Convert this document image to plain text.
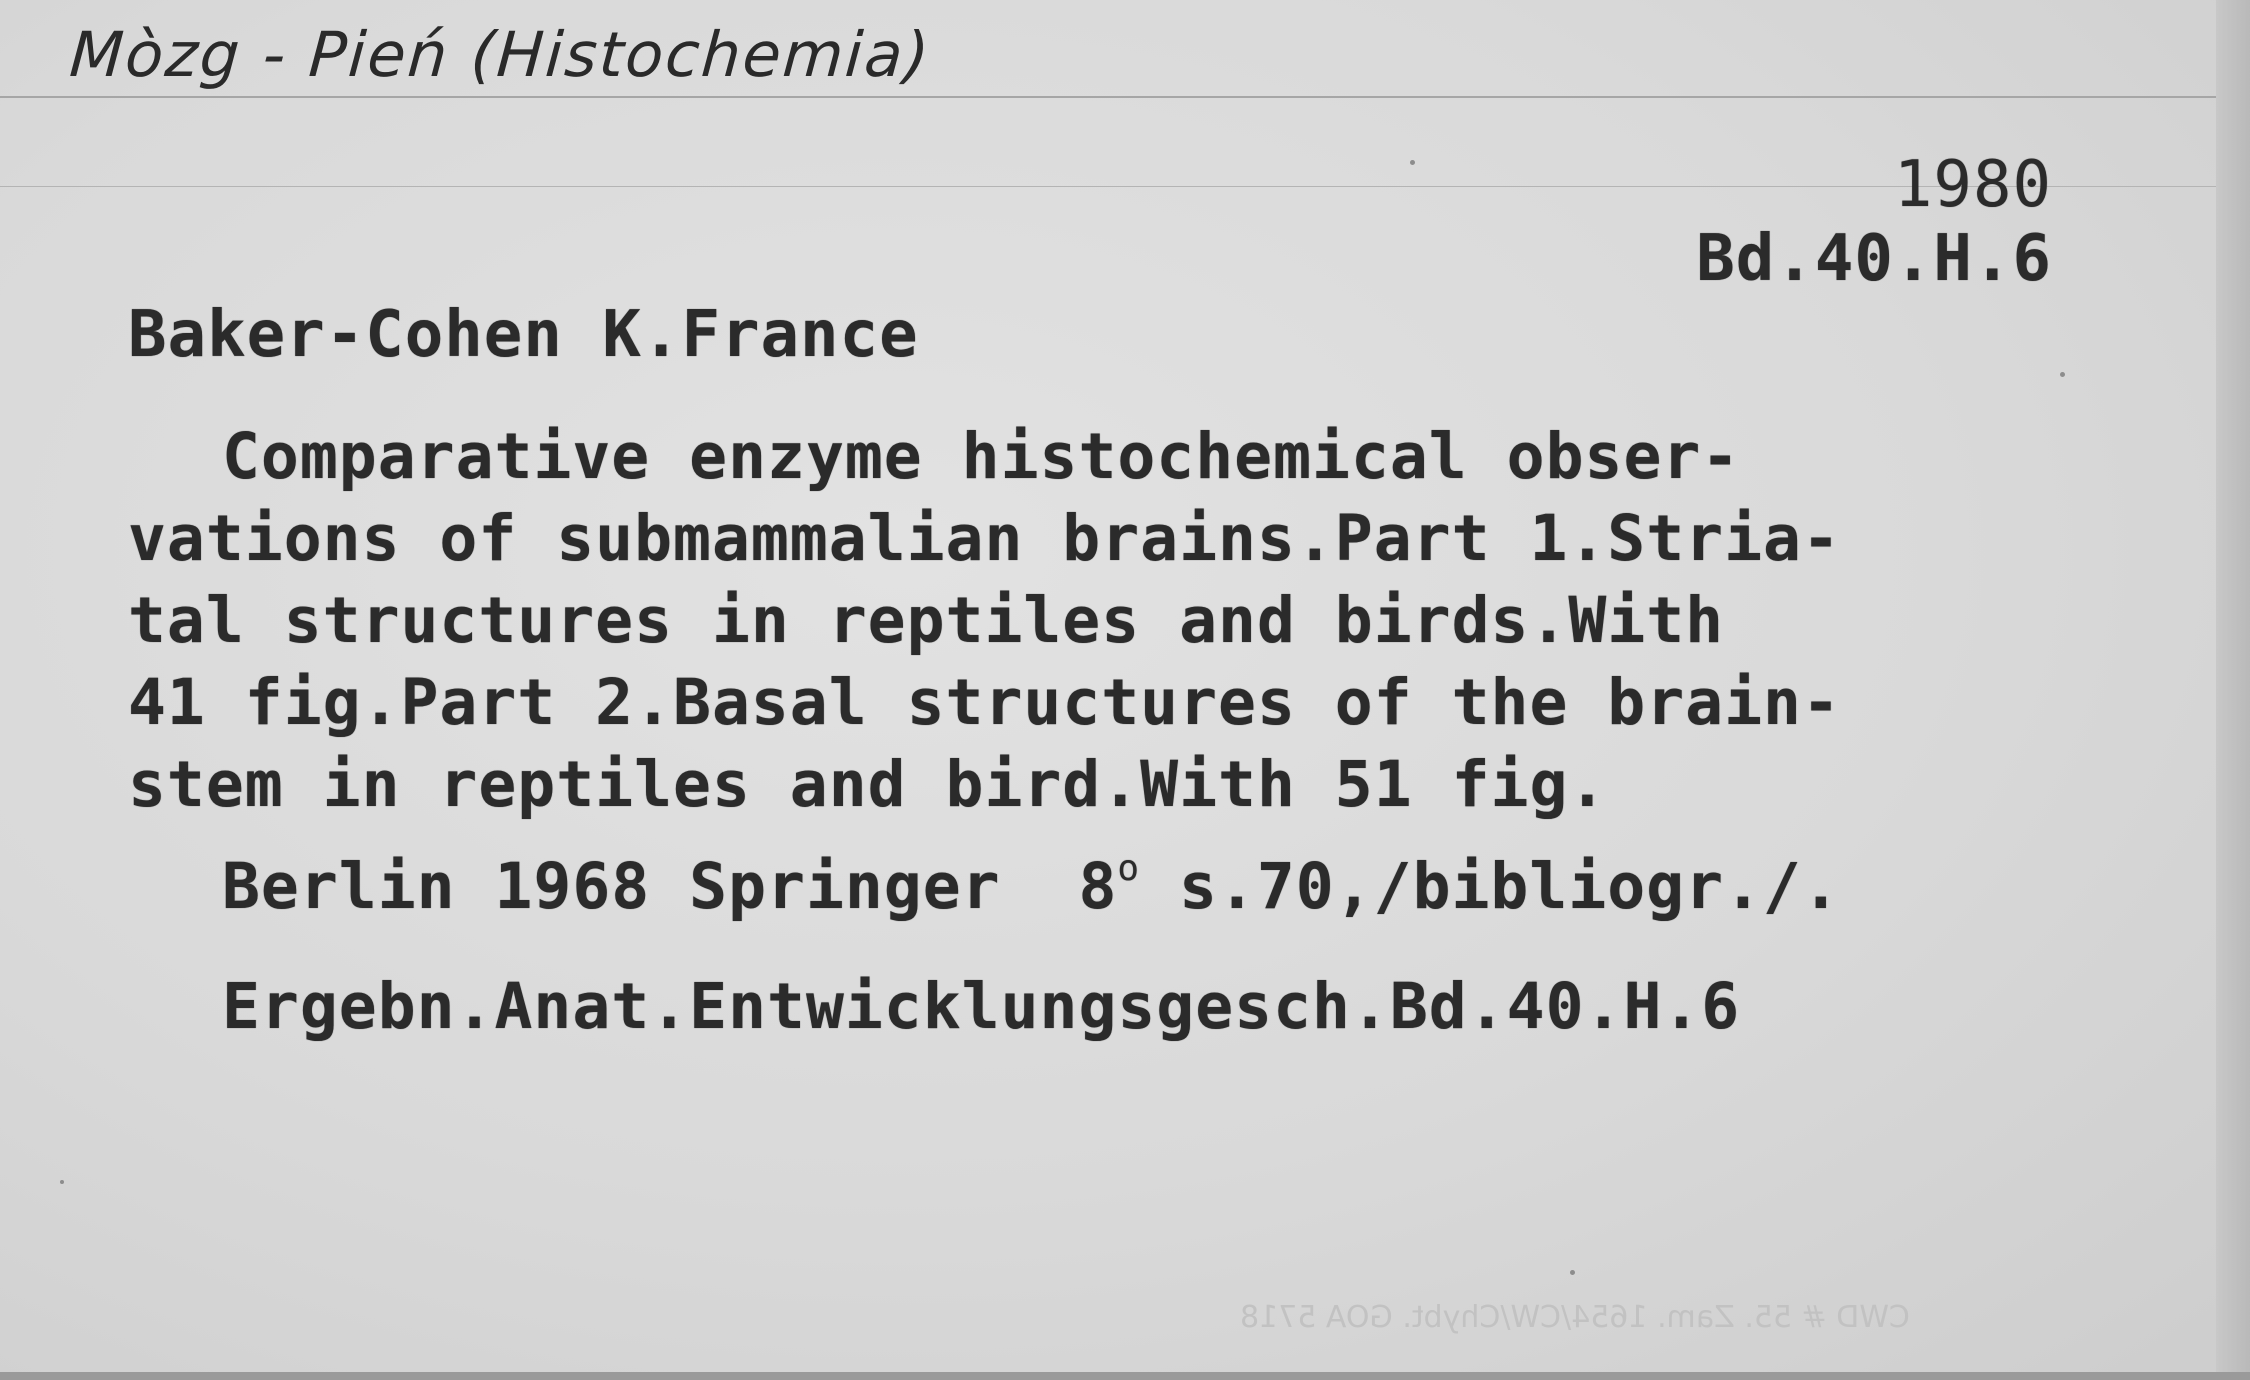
Mòzg - Pień (Histochemia)
1980
Bd.40.H.6
Baker-Cohen K.France
Comparative enzyme histochemical obser-
vations of submammalian brains.Part 1.Stria-
tal structures in reptiles and birds.With
41 fig.Part 2.Basal structures of the brain-
stem in reptiles and bird.With 51 fig.
Berlin 1968 Springer  8$^o$ s.70,/bibliogr./.
Ergebn.Anat.Entwicklungsgesch.Bd.40.H.6
CWD # 55. Zam. 1654/CW/Chybt. GOA 5718
